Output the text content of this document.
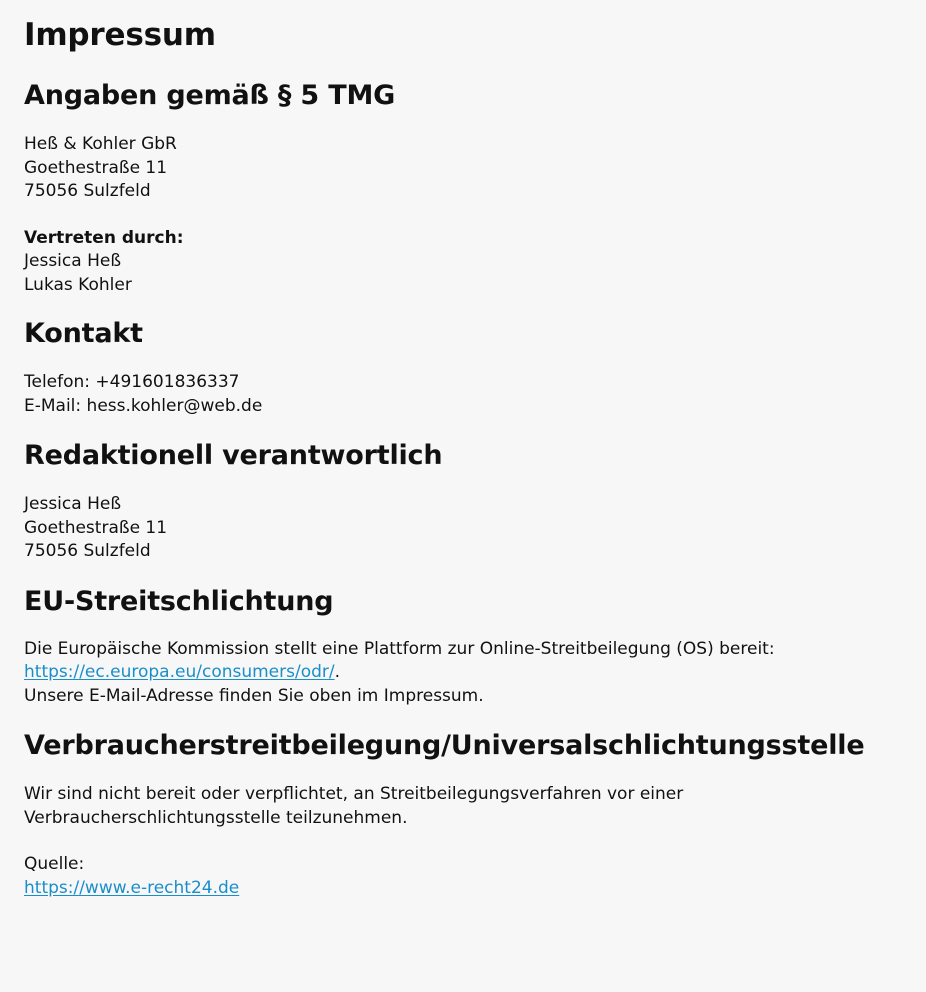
Impressum
Angaben gemäß § 5 TMG

Heß & Kohler GbR
Goethestraße 11
75056 Sulzfeld

Vertreten durch:
Jessica Heß
Lukas Kohler

Kontakt

Telefon: +491601836337
E-Mail: hess.kohler@web.de

Redaktionell verantwortlich

Jessica Heß
Goethestraße 11
75056 Sulzfeld

EU-Streitschlichtung

Die Europäische Kommission stellt eine Plattform zur Online-Streitbeilegung (OS) bereit:
https://ec.europa.eu/consumers/odr/.
Unsere E-Mail-Adresse finden Sie oben im Impressum.

Verbraucherstreitbeilegung/Universalschlichtungsstelle

Wir sind nicht bereit oder verpflichtet, an Streitbeilegungsverfahren vor einer
Verbraucherschlichtungsstelle teilzunehmen.

Quelle:
https://www.e-recht24.de
